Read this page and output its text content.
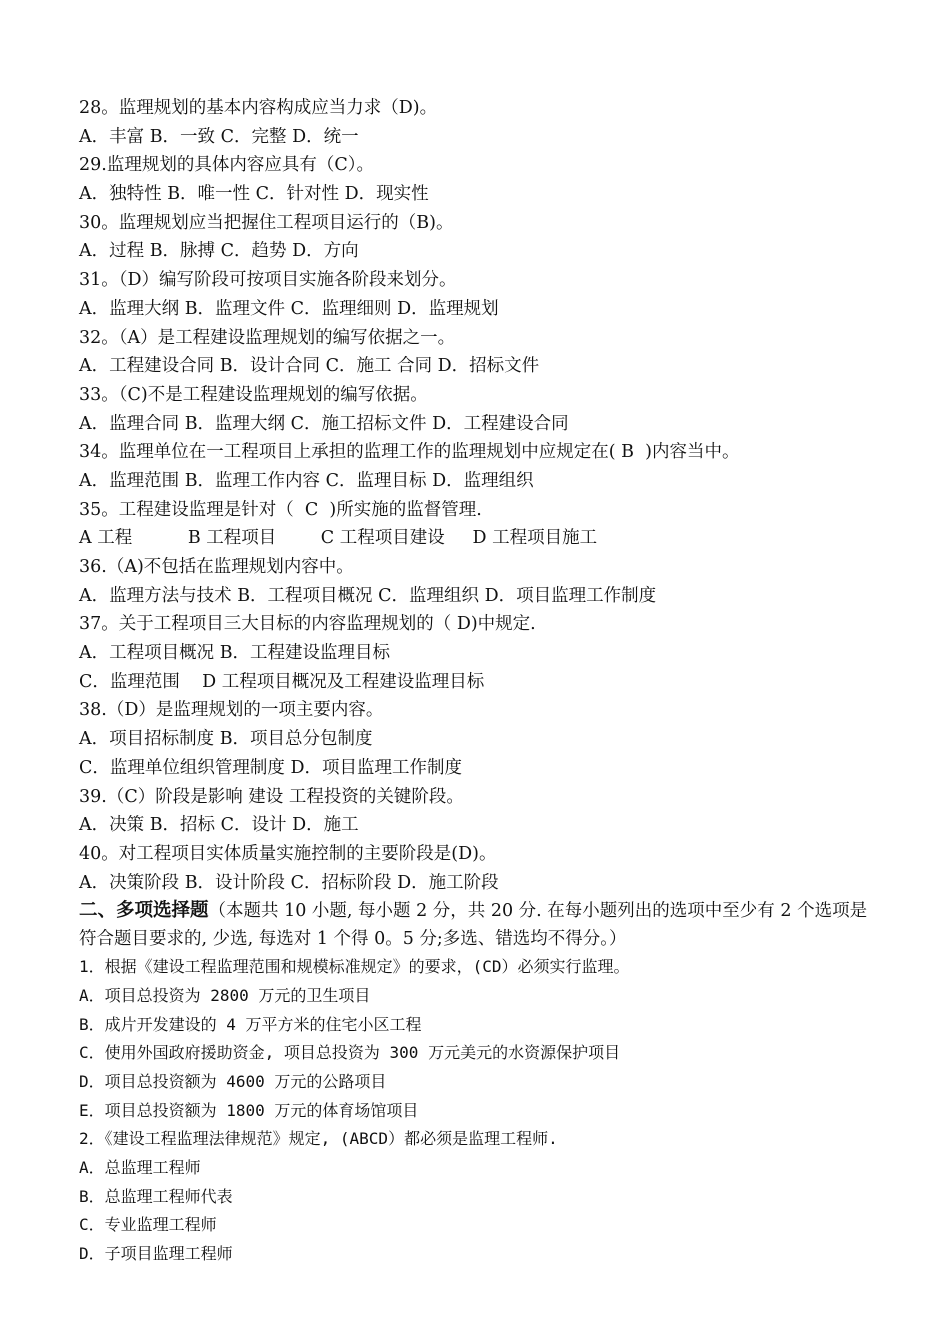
28。监理规划的基本内容构成应当力求（D)。
A．丰富 B．一致 C．完整 D．统一
29.监理规划的具体内容应具有（C）。
A．独特性 B．唯一性 C．针对性 D．现实性
30。监理规划应当把握住工程项目运行的（B)。
A．过程 B．脉搏 C．趋势 D．方向
31。（D）编写阶段可按项目实施各阶段来划分。
A．监理大纲 B．监理文件 C．监理细则 D．监理规划
32。（A）是工程建设监理规划的编写依据之一。
A．工程建设合同 B．设计合同 C．施工 合同 D．招标文件
33。（C)不是工程建设监理规划的编写依据。
A．监理合同 B．监理大纲 C．施工招标文件 D．工程建设合同
34。监理单位在一工程项目上承担的监理工作的监理规划中应规定在( B  )内容当中。
A．监理范围 B．监理工作内容 C．监理目标 D．监理组织
35。工程建设监理是针对（  C  )所实施的监督管理.
A 工程          B 工程项目        C 工程项目建设     D 工程项目施工
36.（A)不包括在监理规划内容中。
A．监理方法与技术 B．工程项目概况 C．监理组织 D．项目监理工作制度
37。关于工程项目三大目标的内容监理规划的（ D)中规定.
A．工程项目概况 B．工程建设监理目标
C．监理范围    D 工程项目概况及工程建设监理目标
38.（D）是监理规划的一项主要内容。
A．项目招标制度 B．项目总分包制度
C．监理单位组织管理制度 D．项目监理工作制度
39.（C）阶段是影响 建设 工程投资的关键阶段。
A．决策 B．招标 C．设计 D．施工
40。对工程项目实体质量实施控制的主要阶段是(D)。
A．决策阶段 B．设计阶段 C．招标阶段 D．施工阶段
二、多项选择题（本题共 10 小题, 每小题 2 分，共 20 分. 在每小题列出的选项中至少有 2 个选项是符合题目要求的, 少选, 每选对 1 个得 0。5 分;多选、错选均不得分。）
1．根据《建设工程监理范围和规模标准规定》的要求，(CD）必须实行监理。
A．项目总投资为 2800 万元的卫生项目
B．成片开发建设的 4 万平方米的住宅小区工程
C．使用外国政府援助资金, 项目总投资为 300 万元美元的水资源保护项目
D．项目总投资额为 4600 万元的公路项目
E．项目总投资额为 1800 万元的体育场馆项目
2．《建设工程监理法律规范》规定, (ABCD）都必须是监理工程师.
A．总监理工程师
B．总监理工程师代表
C．专业监理工程师
D．子项目监理工程师
